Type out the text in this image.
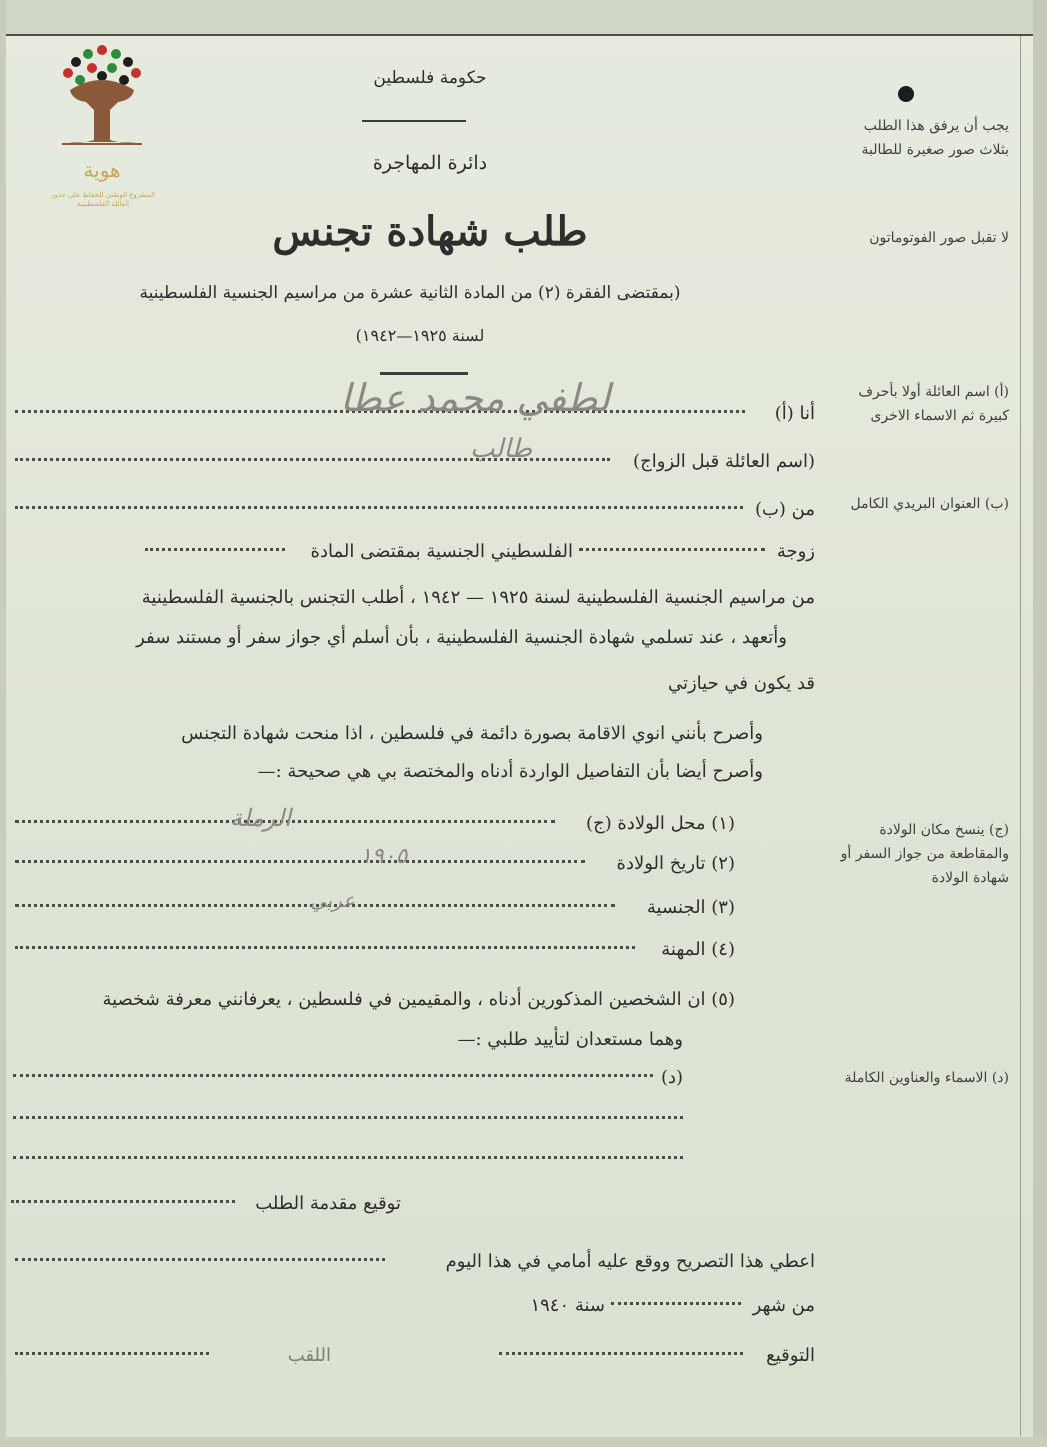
هوية
المشروع الوطني للحفاظ على جذور العائلة الفلسطينية
حكومة فلسطين
دائرة المهاجرة
طلب شهادة تجنس
(بمقتضى الفقرة (٢) من المادة الثانية عشرة من مراسيم الجنسية الفلسطينية
لسنة ١٩٢٥—١٩٤٢)
يجب أن يرفق هذا الطلب بثلاث صور صغيرة للطالبة
لا تقبل صور الفوتوماتون
(أ) اسم العائلة أولا بأحرف كبيرة ثم الاسماء الاخرى
(ب) العنوان البريدي الكامل
(ج) ينسخ مكان الولادة والمقاطعة من جواز السفر أو شهادة الولادة
(د) الاسماء والعناوين الكاملة
أنا (أ)
(اسم العائلة قبل الزواج)
من (ب)
زوجة
الفلسطيني الجنسية بمقتضى المادة
من مراسيم الجنسية الفلسطينية لسنة ١٩٢٥ — ١٩٤٢ ، أطلب التجنس بالجنسية الفلسطينية
وأتعهد ، عند تسلمي شهادة الجنسية الفلسطينية ، بأن أسلم أي جواز سفر أو مستند سفر
قد يكون في حيازتي
وأصرح بأنني انوي الاقامة بصورة دائمة في فلسطين ، اذا منحت شهادة التجنس
وأصرح أيضا بأن التفاصيل الواردة أدناه والمختصة بي هي صحيحة :—
(١) محل الولادة (ج)
(٢) تاريخ الولادة
(٣) الجنسية
(٤) المهنة
(٥) ان الشخصين المذكورين أدناه ، والمقيمين في فلسطين ، يعرفانني معرفة شخصية
وهما مستعدان لتأييد طلبي :—
(د)
توقيع مقدمة الطلب
اعطي هذا التصريح ووقع عليه أمامي في هذا اليوم
من شهر
سنة ١٩٤٠
التوقيع
اللقب
لطفي محمد عطا
طالب
الرملة
١٩٠٥
عربي
